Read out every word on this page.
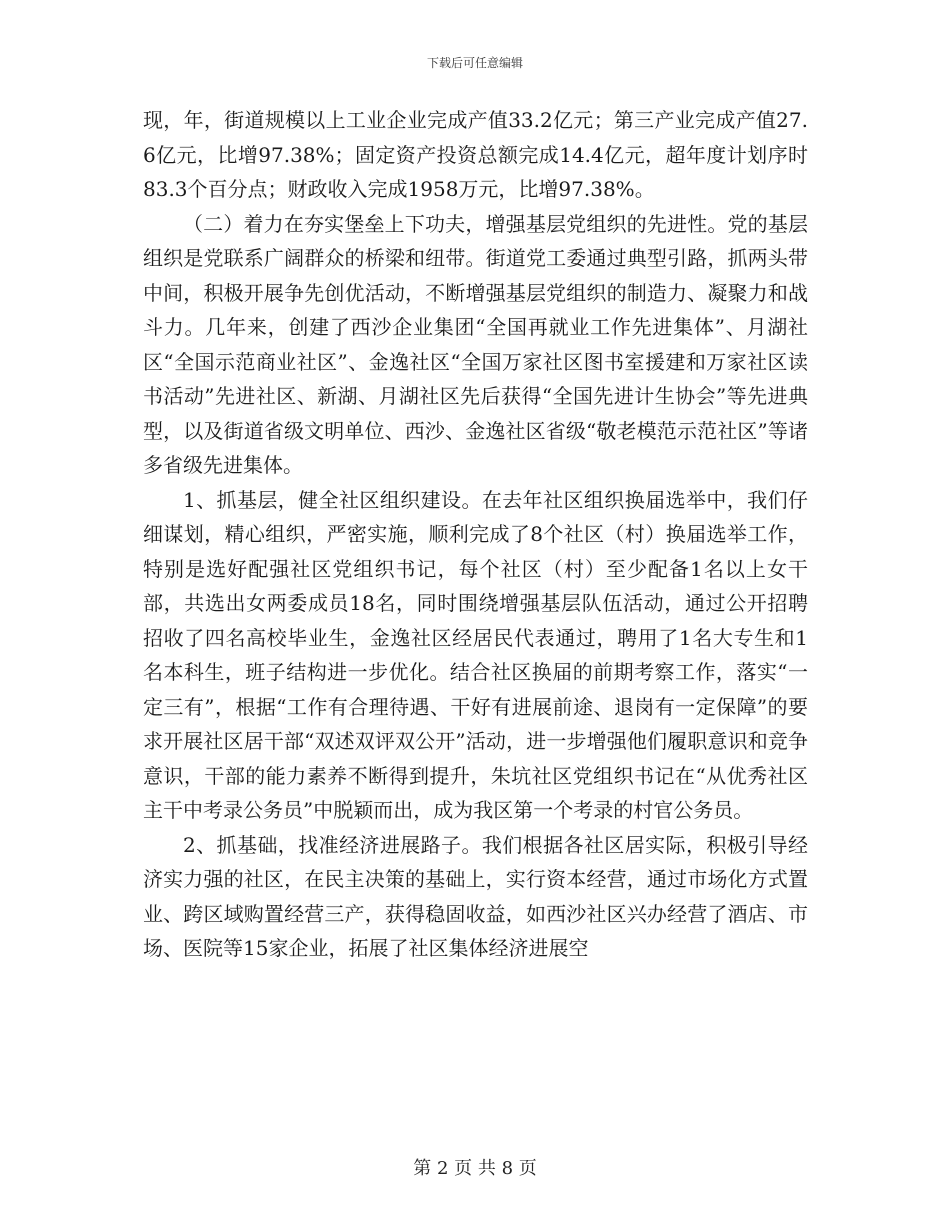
下载后可任意编辑

现，年，街道规模以上工业企业完成产值33.2亿元；第三产业完成产值27.6亿元，比增97.38%；固定资产投资总额完成14.4亿元，超年度计划序时83.3个百分点；财政收入完成1958万元，比增97.38%。

（二）着力在夯实堡垒上下功夫，增强基层党组织的先进性。党的基层组织是党联系广阔群众的桥梁和纽带。街道党工委通过典型引路，抓两头带中间，积极开展争先创优活动，不断增强基层党组织的制造力、凝聚力和战斗力。几年来，创建了西沙企业集团“全国再就业工作先进集体”、月湖社区“全国示范商业社区”、金逸社区“全国万家社区图书室援建和万家社区读书活动”先进社区、新湖、月湖社区先后获得“全国先进计生协会”等先进典型，以及街道省级文明单位、西沙、金逸社区省级“敬老模范示范社区”等诸多省级先进集体。

1、抓基层，健全社区组织建设。在去年社区组织换届选举中，我们仔细谋划，精心组织，严密实施，顺利完成了8个社区（村）换届选举工作，特别是选好配强社区党组织书记，每个社区（村）至少配备1名以上女干部，共选出女两委成员18名，同时围绕增强基层队伍活动，通过公开招聘招收了四名高校毕业生，金逸社区经居民代表通过，聘用了1名大专生和1名本科生，班子结构进一步优化。结合社区换届的前期考察工作，落实“一定三有”，根据“工作有合理待遇、干好有进展前途、退岗有一定保障”的要求开展社区居干部“双述双评双公开”活动，进一步增强他们履职意识和竞争意识，干部的能力素养不断得到提升，朱坑社区党组织书记在“从优秀社区主干中考录公务员”中脱颖而出，成为我区第一个考录的村官公务员。

2、抓基础，找准经济进展路子。我们根据各社区居实际，积极引导经济实力强的社区，在民主决策的基础上，实行资本经营，通过市场化方式置业、跨区域购置经营三产，获得稳固收益，如西沙社区兴办经营了酒店、市场、医院等15家企业，拓展了社区集体经济进展空

第 2 页 共 8 页
